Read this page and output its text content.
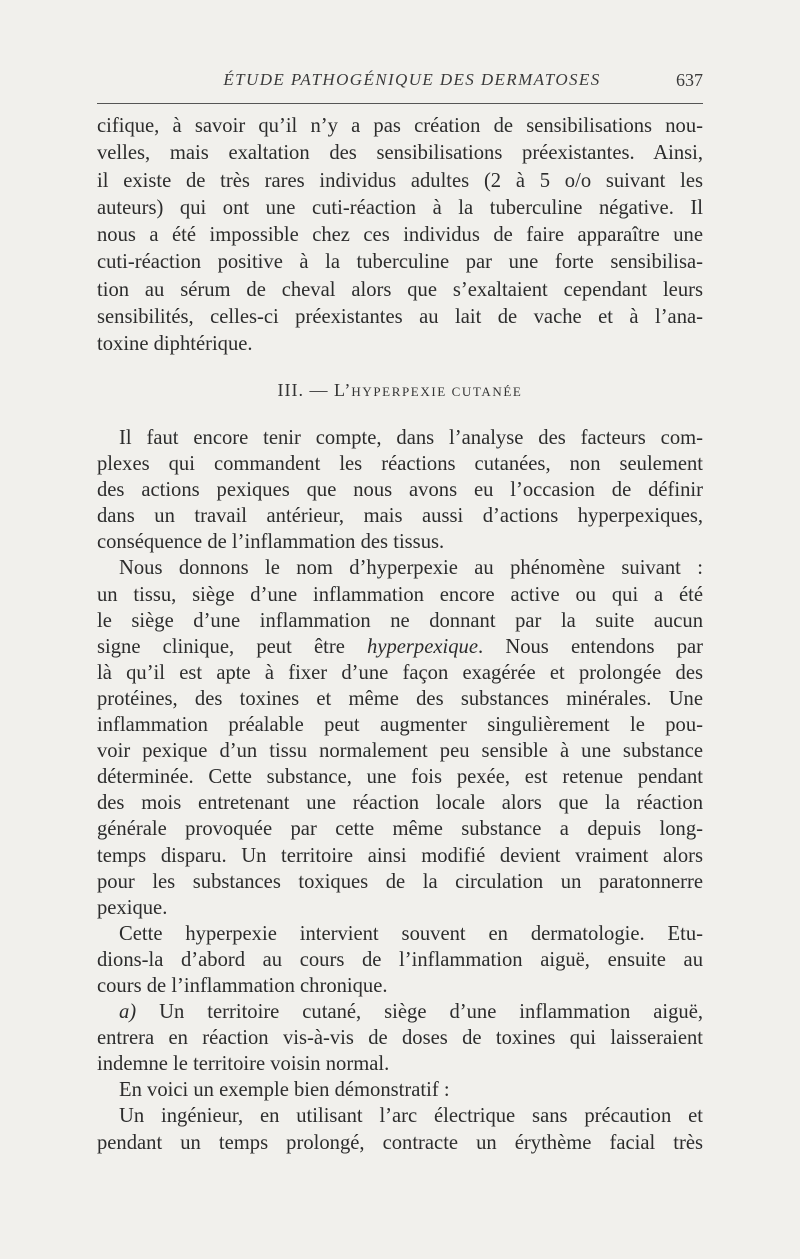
ÉTUDE PATHOGÉNIQUE DES DERMATOSES	637
cifique, à savoir qu’il n’y a pas création de sensibilisations nou-
velles, mais exaltation des sensibilisations préexistantes. Ainsi,
il existe de très rares individus adultes (2 à 5 o/o suivant les
auteurs) qui ont une cuti-réaction à la tuberculine négative. Il
nous a été impossible chez ces individus de faire apparaître une
cuti-réaction positive à la tuberculine par une forte sensibilisa-
tion au sérum de cheval alors que s’exaltaient cependant leurs
sensibilités, celles-ci préexistantes au lait de vache et à l’ana-
toxine diphtérique.
III. — L’HYPERPEXIE CUTANÉE
Il faut encore tenir compte, dans l’analyse des facteurs com-
plexes qui commandent les réactions cutanées, non seulement
des actions pexiques que nous avons eu l’occasion de définir
dans un travail antérieur, mais aussi d’actions hyperpexiques,
conséquence de l’inflammation des tissus.
Nous donnons le nom d’hyperpexie au phénomène suivant :
un tissu, siège d’une inflammation encore active ou qui a été
le siège d’une inflammation ne donnant par la suite aucun
signe clinique, peut être hyperpexique. Nous entendons par
là qu’il est apte à fixer d’une façon exagérée et prolongée des
protéines, des toxines et même des substances minérales. Une
inflammation préalable peut augmenter singulièrement le pou-
voir pexique d’un tissu normalement peu sensible à une substance
déterminée. Cette substance, une fois pexée, est retenue pendant
des mois entretenant une réaction locale alors que la réaction
générale provoquée par cette même substance a depuis long-
temps disparu. Un territoire ainsi modifié devient vraiment alors
pour les substances toxiques de la circulation un paratonnerre
pexique.
Cette hyperpexie intervient souvent en dermatologie. Etu-
dions-la d’abord au cours de l’inflammation aiguë, ensuite au
cours de l’inflammation chronique.
a) Un territoire cutané, siège d’une inflammation aiguë,
entrera en réaction vis-à-vis de doses de toxines qui laisseraient
indemne le territoire voisin normal.
En voici un exemple bien démonstratif :
Un ingénieur, en utilisant l’arc électrique sans précaution et
pendant un temps prolongé, contracte un érythème facial très
